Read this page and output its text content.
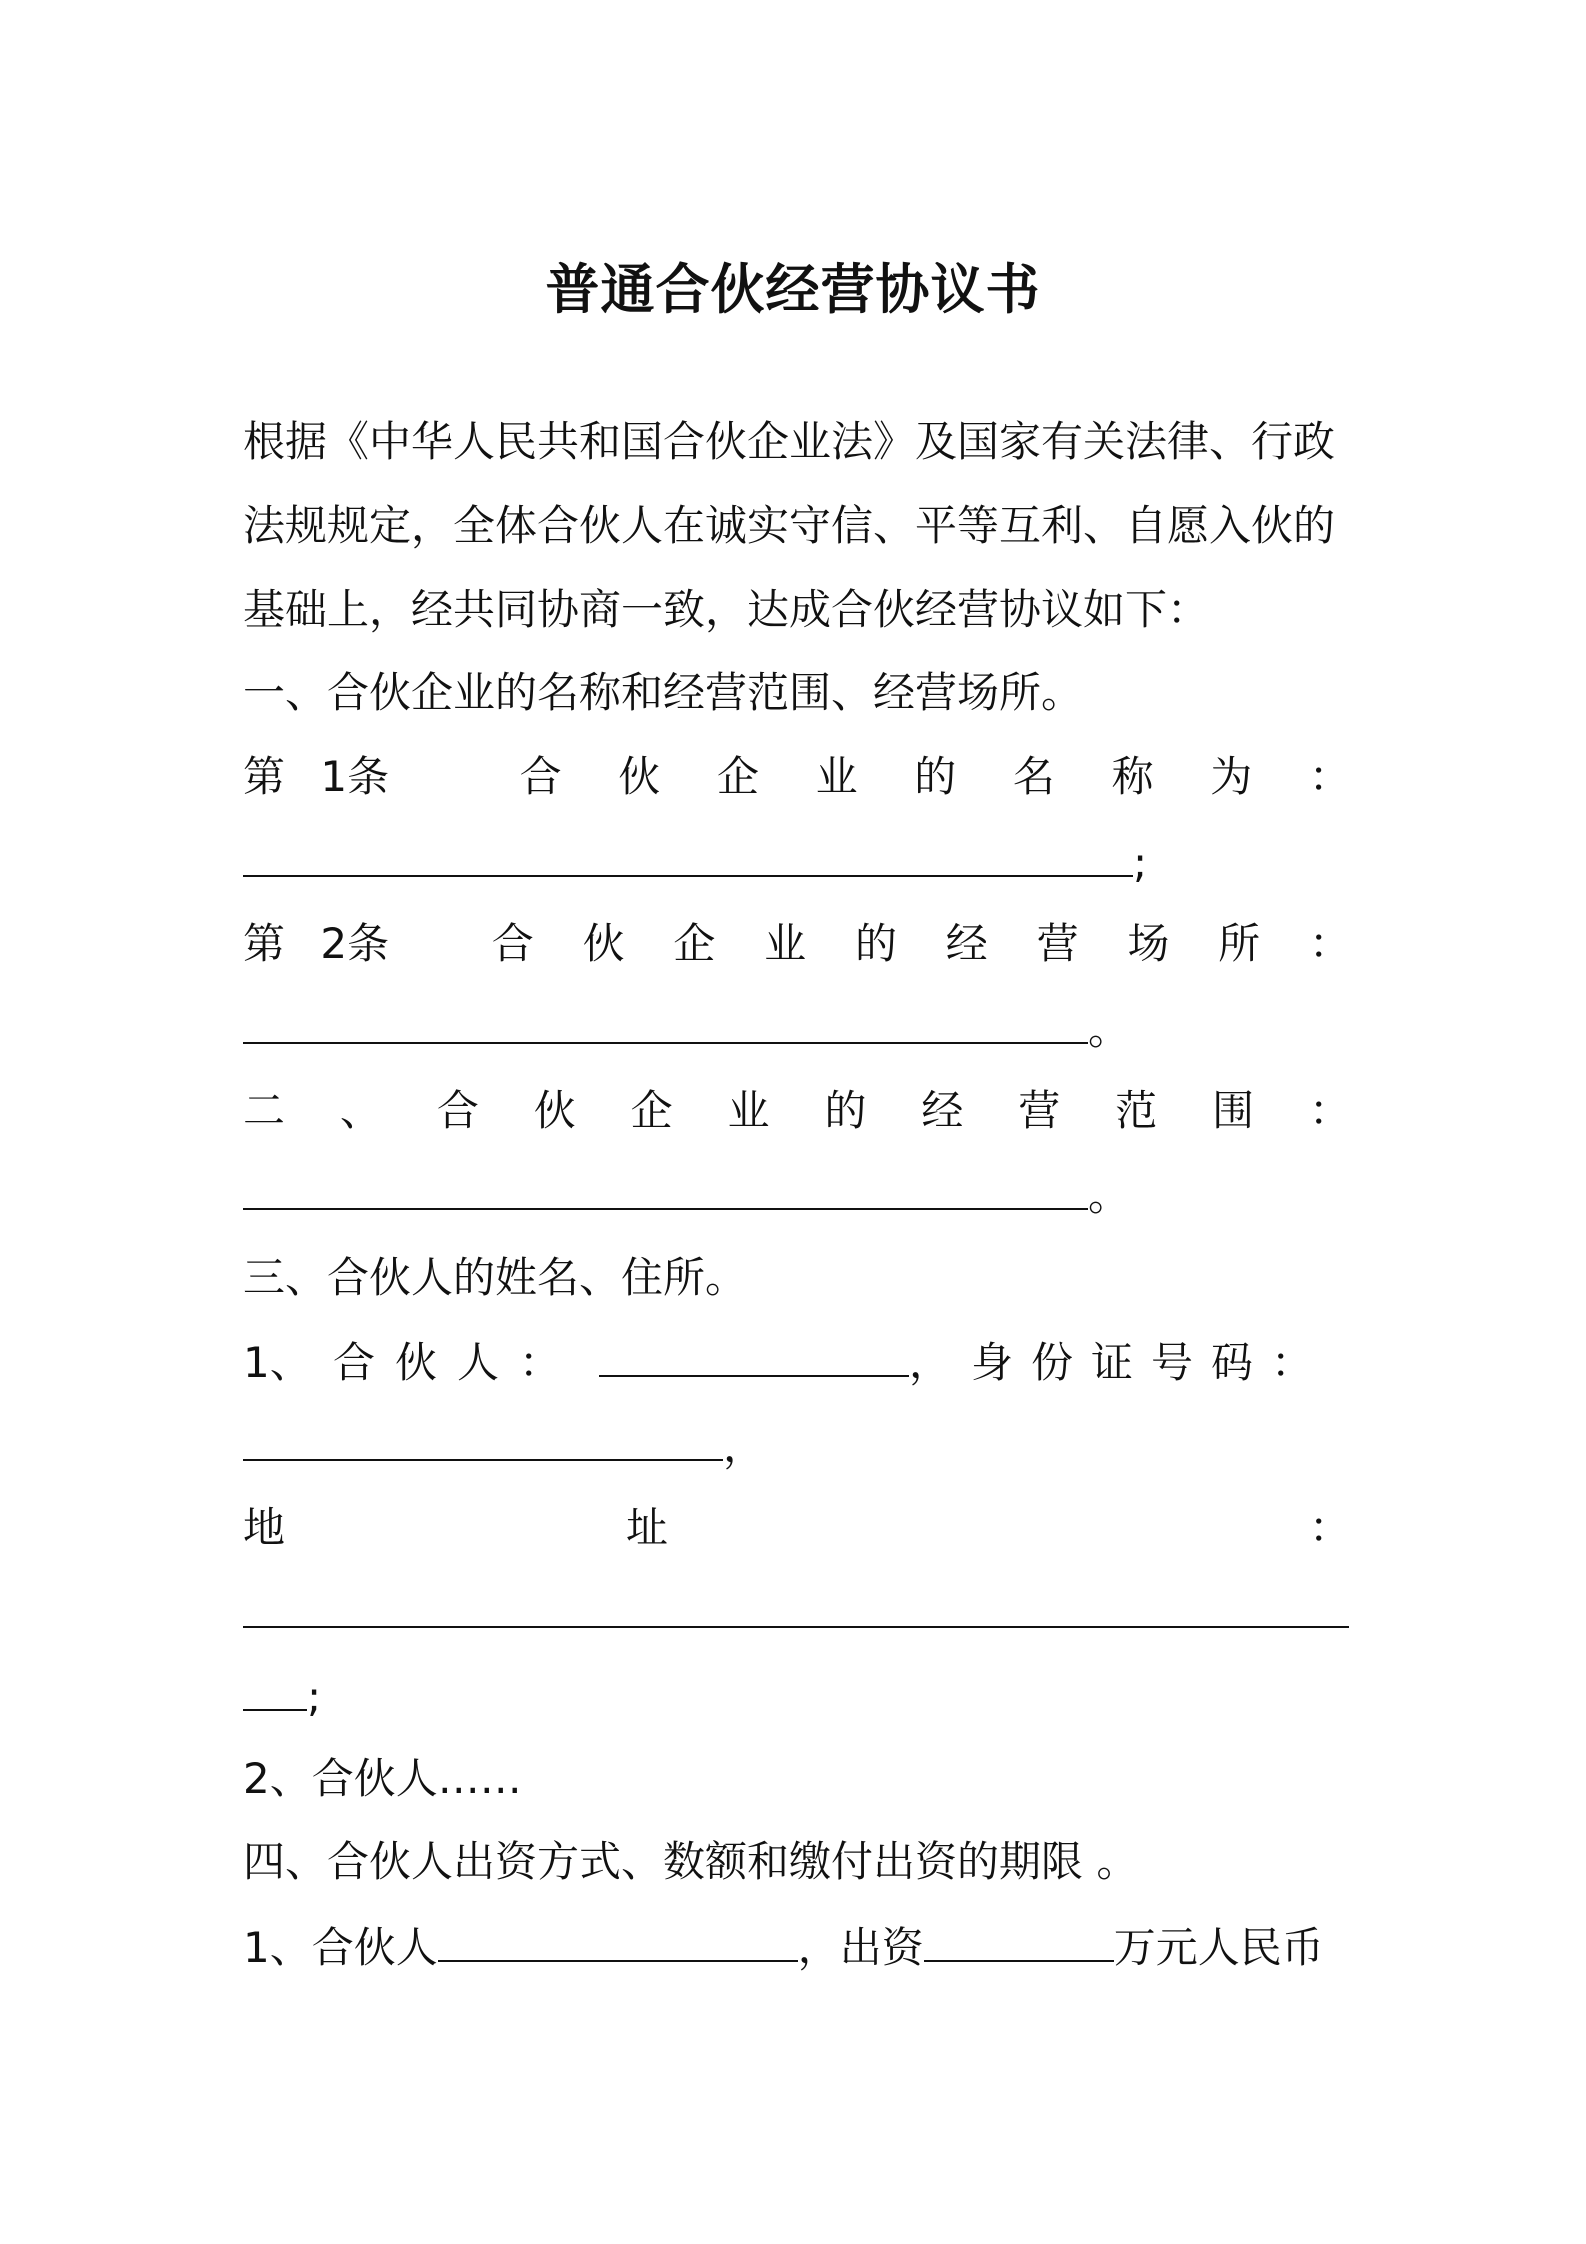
普通合伙经营协议书
根据《中华人民共和国合伙企业法》及国家有关法律、行政
法规规定，全体合伙人在诚实守信、平等互利、自愿入伙的
基础上，经共同协商一致，达成合伙经营协议如下：
一、合伙企业的名称和经营范围、经营场所。
第 1条	合 伙 企 业 的 名 称 为 ：
;
第 2条	合 伙 企 业 的 经 营 场 所 ：
。
二 、 合 伙 企 业 的 经 营 范 围 ：
。
三、合伙人的姓名、住所。
1、 合 伙 人 ：	， 身 份 证 号 码 ：
，
地	址	：
;
2、合伙人……
四、合伙人出资方式、数额和缴付出资的期限 。
1、合伙人	，出资	万元人民币
